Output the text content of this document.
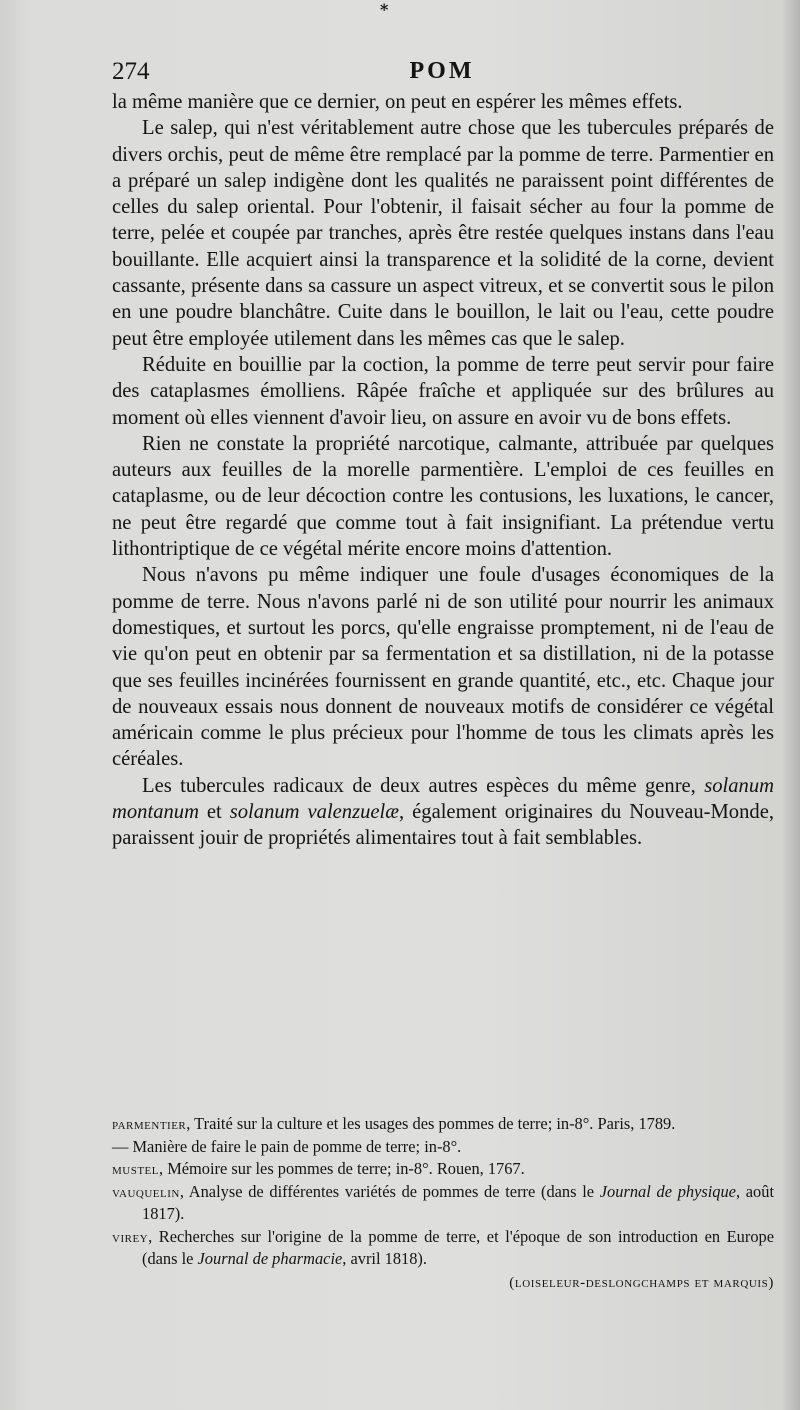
*
274	POM

la même manière que ce dernier, on peut en espérer les mêmes effets.

Le salep, qui n'est véritablement autre chose que les tubercules préparés de divers orchis, peut de même être remplacé par la pomme de terre. Parmentier en a préparé un salep indigène dont les qualités ne paraissent point différentes de celles du salep oriental. Pour l'obtenir, il faisait sécher au four la pomme de terre, pelée et coupée par tranches, après être restée quelques instans dans l'eau bouillante. Elle acquiert ainsi la transparence et la solidité de la corne, devient cassante, présente dans sa cassure un aspect vitreux, et se convertit sous le pilon en une poudre blanchâtre. Cuite dans le bouillon, le lait ou l'eau, cette poudre peut être employée utilement dans les mêmes cas que le salep.

Réduite en bouillie par la coction, la pomme de terre peut servir pour faire des cataplasmes émolliens. Râpée fraîche et appliquée sur des brûlures au moment où elles viennent d'avoir lieu, on assure en avoir vu de bons effets.

Rien ne constate la propriété narcotique, calmante, attribuée par quelques auteurs aux feuilles de la morelle parmentière. L'emploi de ces feuilles en cataplasme, ou de leur décoction contre les contusions, les luxations, le cancer, ne peut être regardé que comme tout à fait insignifiant. La prétendue vertu lithontriptique de ce végétal mérite encore moins d'attention.

Nous n'avons pu même indiquer une foule d'usages économiques de la pomme de terre. Nous n'avons parlé ni de son utilité pour nourrir les animaux domestiques, et surtout les porcs, qu'elle engraisse promptement, ni de l'eau de vie qu'on peut en obtenir par sa fermentation et sa distillation, ni de la potasse que ses feuilles incinérées fournissent en grande quantité, etc., etc. Chaque jour de nouveaux essais nous donnent de nouveaux motifs de considérer ce végétal américain comme le plus précieux pour l'homme de tous les climats après les céréales.

Les tubercules radicaux de deux autres espèces du même genre, solanum montanum et solanum valenzuelæ, également originaires du Nouveau-Monde, paraissent jouir de propriétés alimentaires tout à fait semblables.

parmentier, Traité sur la culture et les usages des pommes de terre; in-8°. Paris, 1789.

— Manière de faire le pain de pomme de terre; in-8°.

mustel, Mémoire sur les pommes de terre; in-8°. Rouen, 1767.

vauquelin, Analyse de différentes variétés de pommes de terre (dans le Journal de physique, août 1817).

virey, Recherches sur l'origine de la pomme de terre, et l'époque de son introduction en Europe (dans le Journal de pharmacie, avril 1818).

(loiseleur-deslongchamps et marquis)
